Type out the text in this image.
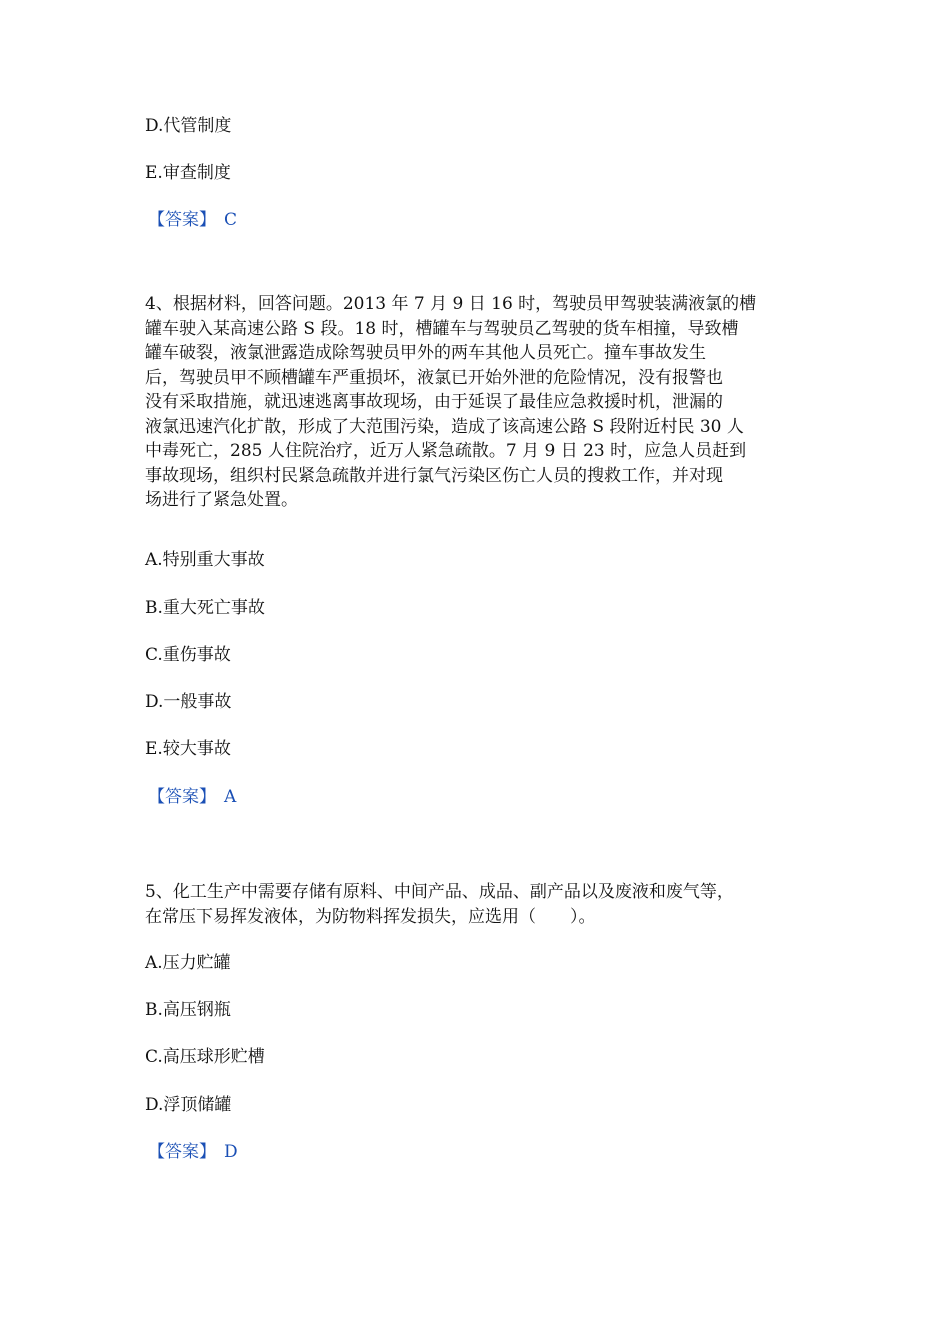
D.代管制度
E.审查制度
【答案】 C
4、根据材料，回答问题。2013 年 7 月 9 日 16 时，驾驶员甲驾驶装满液氯的槽
罐车驶入某高速公路 S 段。18 时，槽罐车与驾驶员乙驾驶的货车相撞，导致槽
罐车破裂，液氯泄露造成除驾驶员甲外的两车其他人员死亡。撞车事故发生
后，驾驶员甲不顾槽罐车严重损坏，液氯已开始外泄的危险情况，没有报警也
没有采取措施，就迅速逃离事故现场，由于延误了最佳应急救援时机，泄漏的
液氯迅速汽化扩散，形成了大范围污染，造成了该高速公路 S 段附近村民 30 人
中毒死亡，285 人住院治疗，近万人紧急疏散。7 月 9 日 23 时，应急人员赶到
事故现场，组织村民紧急疏散并进行氯气污染区伤亡人员的搜救工作，并对现
场进行了紧急处置。
A.特别重大事故
B.重大死亡事故
C.重伤事故
D.一般事故
E.较大事故
【答案】 A
5、化工生产中需要存储有原料、中间产品、成品、副产品以及废液和废气等，
在常压下易挥发液体，为防物料挥发损失，应选用（　　）。
A.压力贮罐
B.高压钢瓶
C.高压球形贮槽
D.浮顶储罐
【答案】 D
